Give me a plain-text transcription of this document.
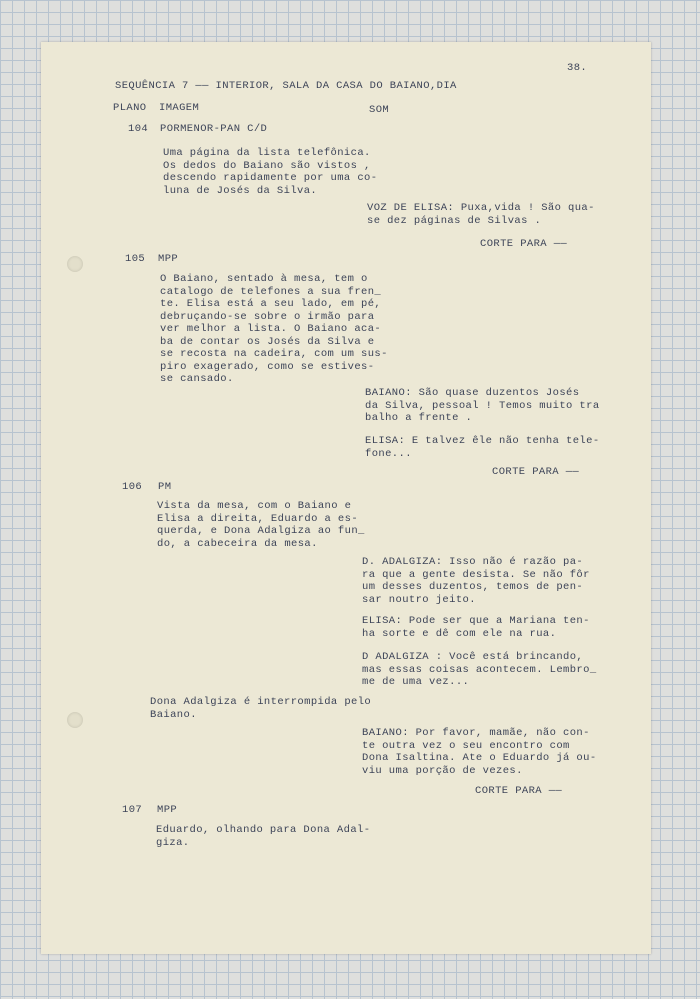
38.

SEQUÊNCIA 7 —— INTERIOR, SALA DA CASA DO BAIANO,DIA

PLANO IMAGEM	SOM

104 PORMENOR-PAN C/D

Uma página da lista telefônica.
Os dedos do Baiano são vistos ,
descendo rapidamente por uma co-
luna de Josés da Silva.
VOZ DE ELISA: Puxa,vida ! São qua-
se dez páginas de Silvas .

CORTE PARA ——

105 MPP

O Baiano, sentado à mesa, tem o
catalogo de telefones a sua fren_
te. Elisa está a seu lado, em pé,
debruçando-se sobre o irmão para
ver melhor a lista. O Baiano aca-
ba de contar os Josés da Silva e
se recosta na cadeira, com um sus-
piro exagerado, como se estives-
se cansado.
BAIANO: São quase duzentos Josés
da Silva, pessoal ! Temos muito tra
balho a frente .
ELISA: E talvez êle não tenha tele-
fone...

CORTE PARA ——

106 PM

Vista da mesa, com o Baiano e
Elisa a direita, Eduardo a es-
querda, e Dona Adalgiza ao fun_
do, a cabeceira da mesa.
D. ADALGIZA: Isso não é razão pa-
ra que a gente desista. Se não fôr
um desses duzentos, temos de pen-
sar noutro jeito.
ELISA: Pode ser que a Mariana ten-
ha sorte e dê com ele na rua.
D ADALGIZA : Você está brincando,
mas essas coisas acontecem. Lembro_
me de uma vez...
Dona Adalgiza é interrompida pelo
Baiano.
BAIANO: Por favor, mamãe, não con-
te outra vez o seu encontro com
Dona Isaltina. Ate o Eduardo já ou-
viu uma porção de vezes.

CORTE PARA ——

107 MPP

Eduardo, olhando para Dona Adal-
giza.
